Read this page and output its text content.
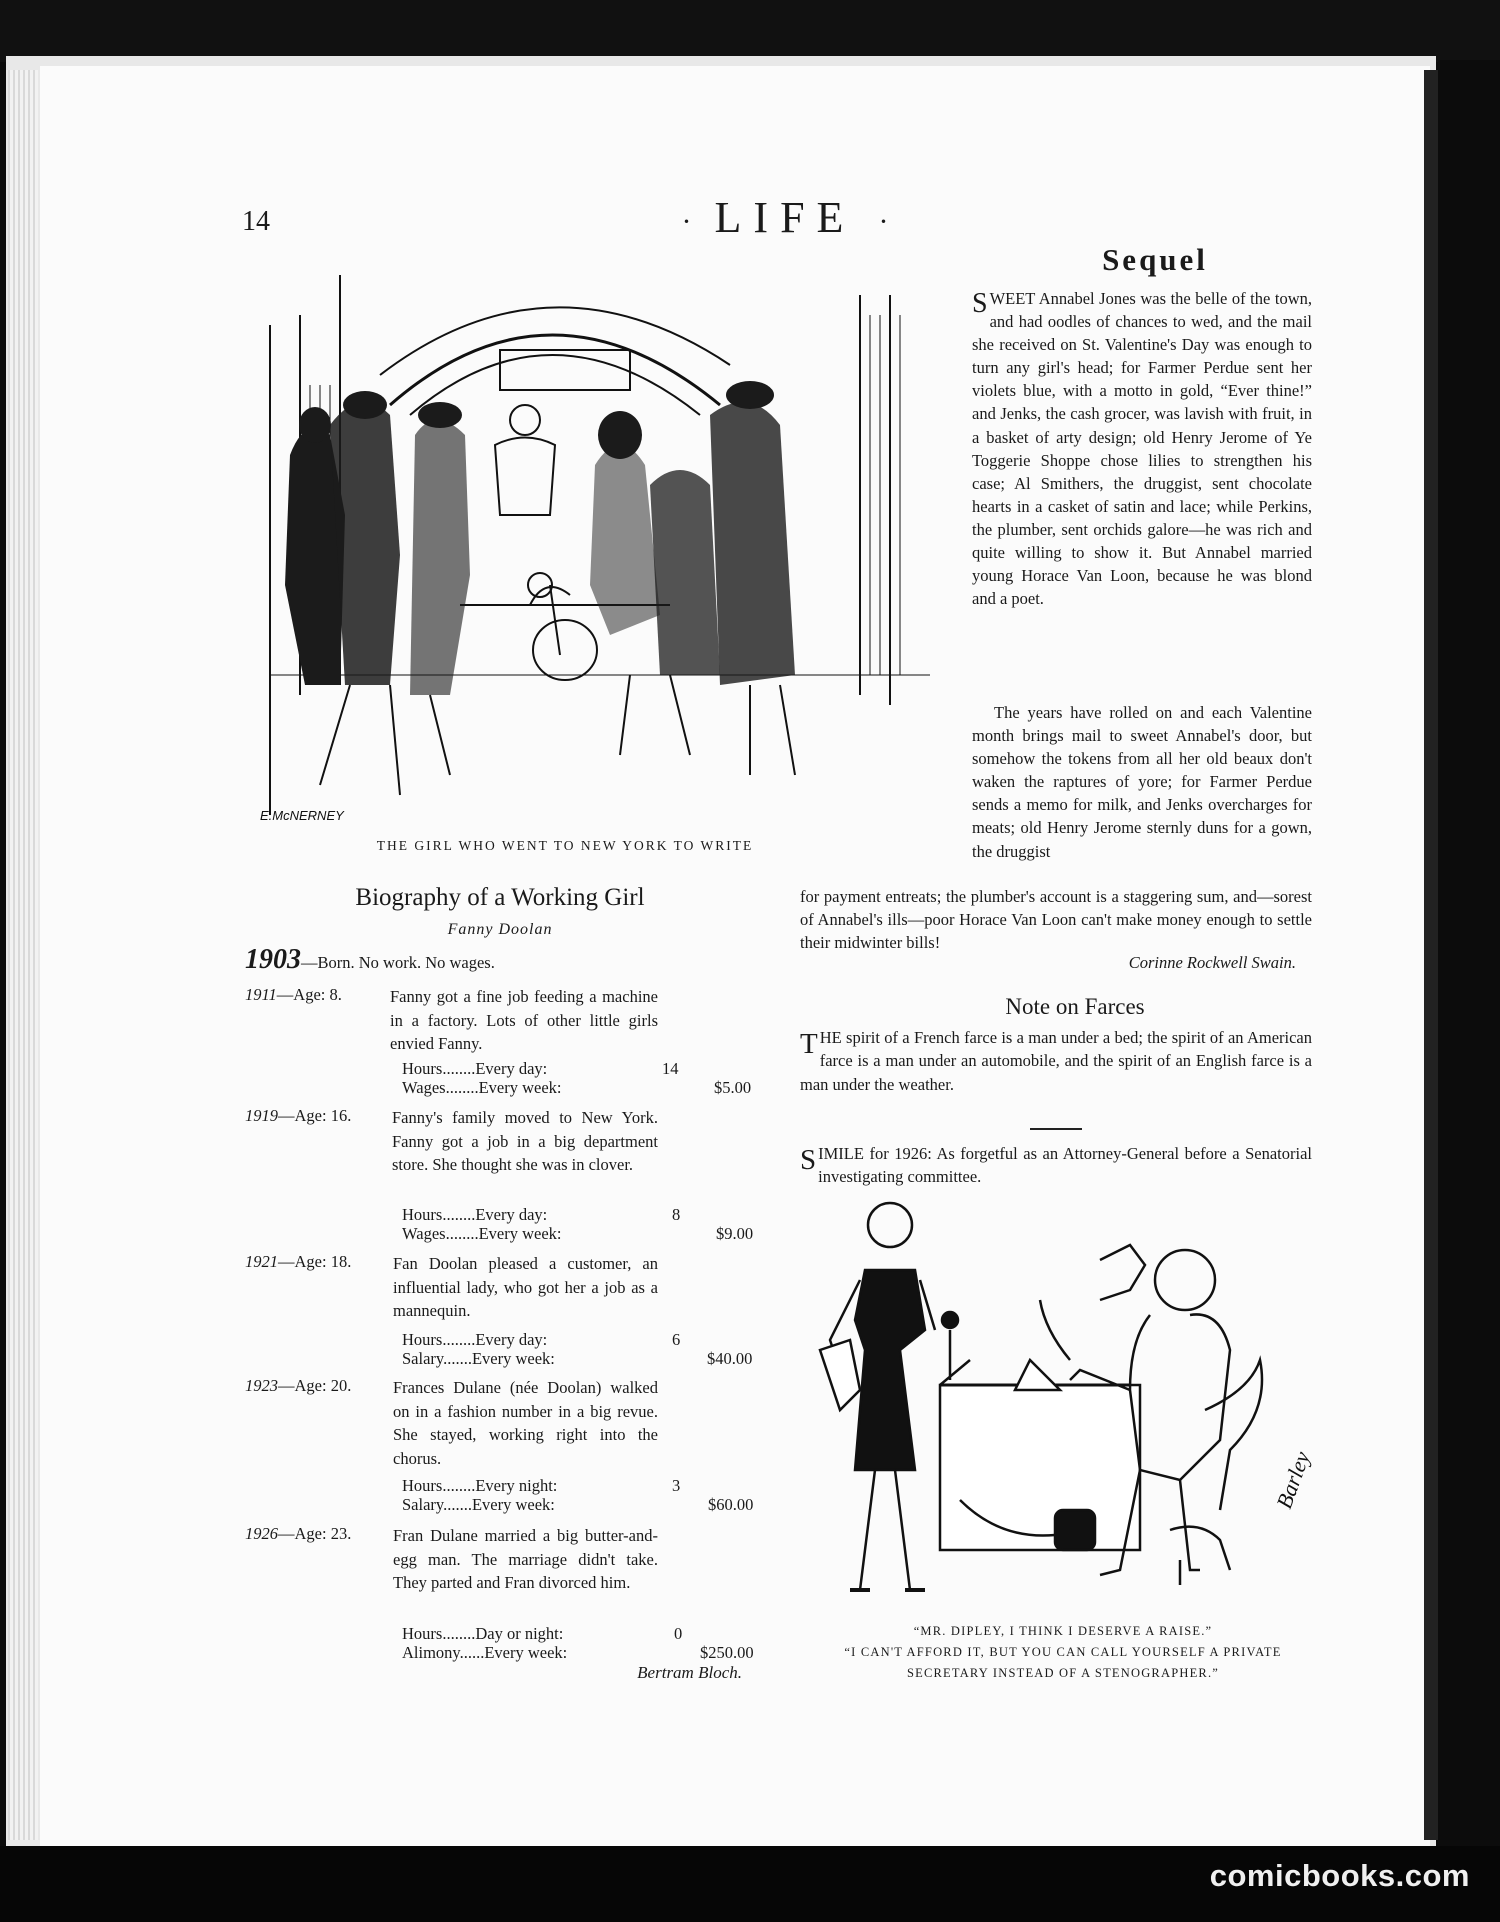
14	· LIFE ·
E.McNERNEY
THE GIRL WHO WENT TO NEW YORK TO WRITE
Sequel
SWEET Annabel Jones was the belle of the town, and had oodles of chances to wed, and the mail she received on St. Valentine's Day was enough to turn any girl's head; for Farmer Perdue sent her violets blue, with a motto in gold, “Ever thine!” and Jenks, the cash grocer, was lavish with fruit, in a basket of arty design; old Henry Jerome of Ye Toggerie Shoppe chose lilies to strengthen his case; Al Smithers, the druggist, sent chocolate hearts in a casket of satin and lace; while Perkins, the plumber, sent orchids galore—he was rich and quite willing to show it. But Annabel married young Horace Van Loon, because he was blond and a poet.
The years have rolled on and each Valentine month brings mail to sweet Annabel's door, but somehow the tokens from all her old beaux don't waken the raptures of yore; for Farmer Perdue sends a memo for milk, and Jenks overcharges for meats; old Henry Jerome sternly duns for a gown, the druggist
for payment entreats; the plumber's account is a staggering sum, and—sorest of Annabel's ills—poor Horace Van Loon can't make money enough to settle their midwinter bills!
Corinne Rockwell Swain.
Note on Farces
THE spirit of a French farce is a man under a bed; the spirit of an American farce is a man under an automobile, and the spirit of an English farce is a man under the weather.
SIMILE for 1926: As forgetful as an Attorney-General before a Senatorial investigating committee.
Barley
“MR. DIPLEY, I THINK I DESERVE A RAISE.”
“I CAN'T AFFORD IT, BUT YOU CAN CALL YOURSELF A PRIVATE
SECRETARY INSTEAD OF A STENOGRAPHER.”
Biography of a Working Girl
Fanny Doolan
1903—Born. No work. No wages.
1911—Age: 8.	Fanny got a fine job feeding a machine in a factory. Lots of other little girls envied Fanny.
Hours........Every day:	14
Wages........Every week:	$5.00
1919—Age: 16.	Fanny's family moved to New York. Fanny got a job in a big department store. She thought she was in clover.
Hours........Every day:	8
Wages........Every week:	$9.00
1921—Age: 18.	Fan Doolan pleased a customer, an influential lady, who got her a job as a mannequin.
Hours........Every day:	6
Salary.......Every week:	$40.00
1923—Age: 20.	Frances Dulane (née Doolan) walked on in a fashion number in a big revue. She stayed, working right into the chorus.
Hours........Every night:	3
Salary.......Every week:	$60.00
1926—Age: 23.	Fran Dulane married a big butter-and-egg man. The marriage didn't take. They parted and Fran divorced him.
Hours........Day or night:	0
Alimony......Every week:	$250.00
Bertram Bloch.
comicbooks.com
